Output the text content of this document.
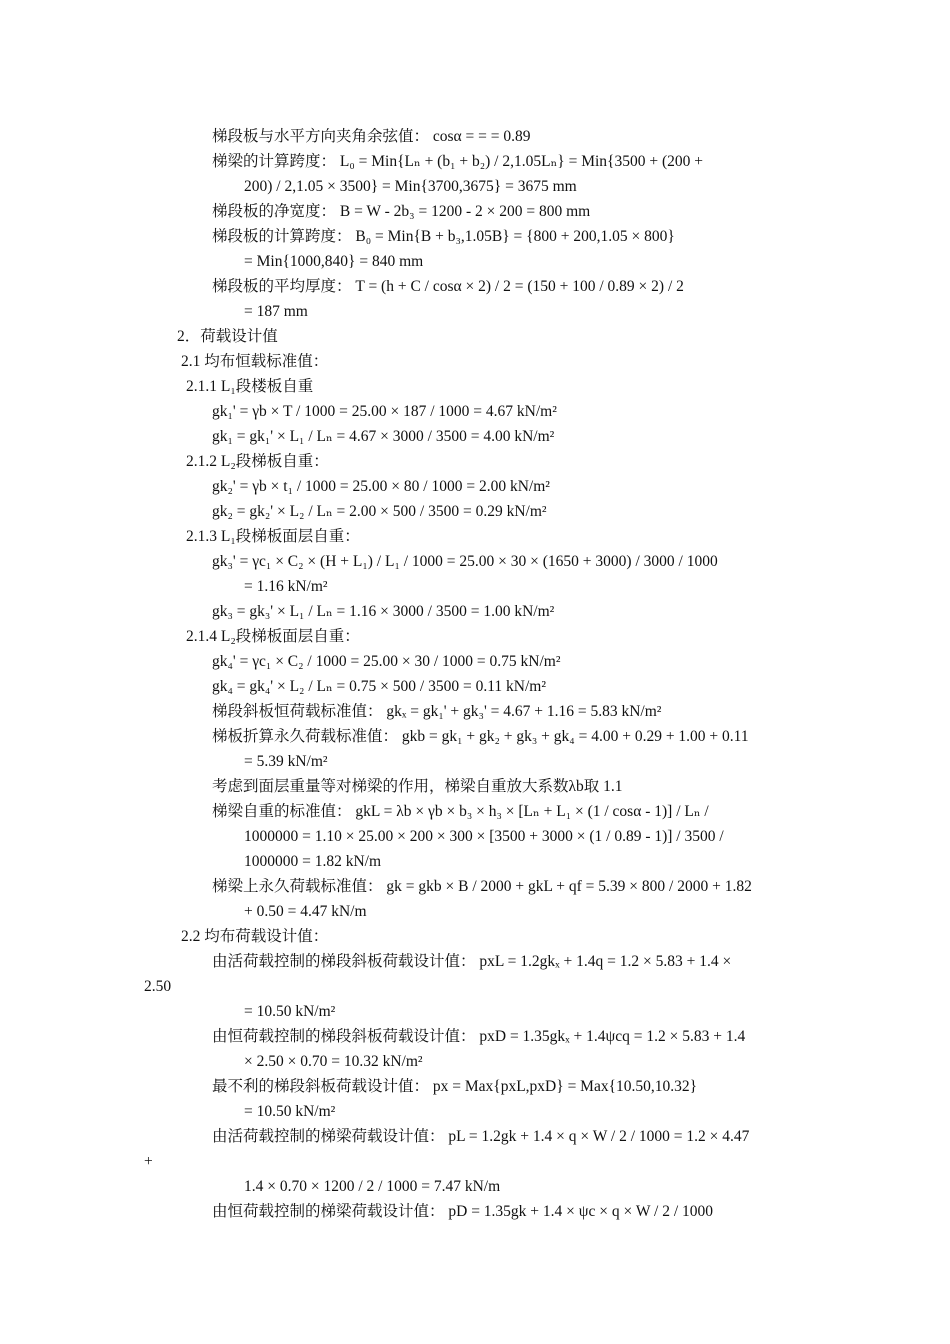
梯段板与水平方向夹角余弦值： cosα = = = 0.89
梯梁的计算跨度： L₀ = Min{Lₙ + (b₁ + b₂) / 2,1.05Lₙ} = Min{3500 + (200 +
200) / 2,1.05 × 3500} = Min{3700,3675} = 3675 mm
梯段板的净宽度： B = W - 2b₃ = 1200 - 2 × 200 = 800 mm
梯段板的计算跨度： B₀ = Min{B + b₃,1.05B} = {800 + 200,1.05 × 800}
= Min{1000,840} = 840 mm
梯段板的平均厚度： T = (h + C / cosα × 2) / 2 = (150 + 100 / 0.89 × 2) / 2
= 187 mm
2．荷载设计值
2.1 均布恒载标准值：
2.1.1 L₁段楼板自重
gk₁' = γb × T / 1000 = 25.00 × 187 / 1000 = 4.67 kN/m²
gk₁ = gk₁' × L₁ / Lₙ = 4.67 × 3000 / 3500 = 4.00 kN/m²
2.1.2 L₂段梯板自重：
gk₂' = γb × t₁ / 1000 = 25.00 × 80 / 1000 = 2.00 kN/m²
gk₂ = gk₂' × L₂ / Lₙ = 2.00 × 500 / 3500 = 0.29 kN/m²
2.1.3 L₁段梯板面层自重：
gk₃' = γc₁ × C₂ × (H + L₁) / L₁ / 1000 = 25.00 × 30 × (1650 + 3000) / 3000 / 1000
= 1.16 kN/m²
gk₃ = gk₃' × L₁ / Lₙ = 1.16 × 3000 / 3500 = 1.00 kN/m²
2.1.4 L₂段梯板面层自重：
gk₄' = γc₁ × C₂ / 1000 = 25.00 × 30 / 1000 = 0.75 kN/m²
gk₄ = gk₄' × L₂ / Lₙ = 0.75 × 500 / 3500 = 0.11 kN/m²
梯段斜板恒荷载标准值： gkₓ = gk₁' + gk₃' = 4.67 + 1.16 = 5.83 kN/m²
梯板折算永久荷载标准值： gkb = gk₁ + gk₂ + gk₃ + gk₄ = 4.00 + 0.29 + 1.00 + 0.11
= 5.39 kN/m²
考虑到面层重量等对梯梁的作用，梯梁自重放大系数λb取 1.1
梯梁自重的标准值： gkL = λb × γb × b₃ × h₃ × [Lₙ + L₁ × (1 / cosα - 1)] / Lₙ /
1000000 = 1.10 × 25.00 × 200 × 300 × [3500 + 3000 × (1 / 0.89 - 1)] / 3500 /
1000000 = 1.82 kN/m
梯梁上永久荷载标准值： gk = gkb × B / 2000 + gkL + qf = 5.39 × 800 / 2000 + 1.82
+ 0.50 = 4.47 kN/m
2.2 均布荷载设计值：
由活荷载控制的梯段斜板荷载设计值： pxL = 1.2gkₓ + 1.4q = 1.2 × 5.83 + 1.4 ×
2.50
= 10.50 kN/m²
由恒荷载控制的梯段斜板荷载设计值： pxD = 1.35gkₓ + 1.4ψcq = 1.2 × 5.83 + 1.4
× 2.50 × 0.70 = 10.32 kN/m²
最不利的梯段斜板荷载设计值： px = Max{pxL,pxD} = Max{10.50,10.32}
= 10.50 kN/m²
由活荷载控制的梯梁荷载设计值： pL = 1.2gk + 1.4 × q × W / 2 / 1000 = 1.2 × 4.47
+
1.4 × 0.70 × 1200 / 2 / 1000 = 7.47 kN/m
由恒荷载控制的梯梁荷载设计值： pD = 1.35gk + 1.4 × ψc × q × W / 2 / 1000
